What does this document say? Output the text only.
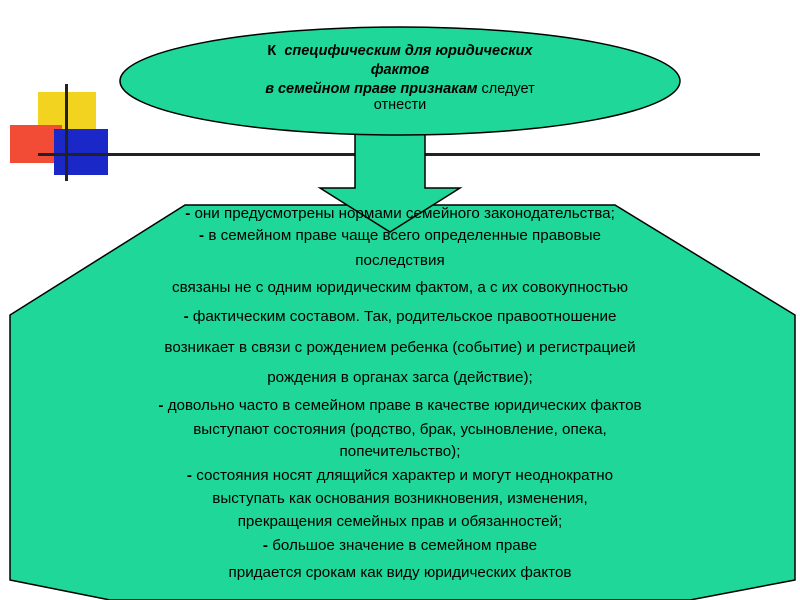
К специфическим для юридических
фактов
в семейном праве признакам следует
отнести
- они предусмотрены нормами семейного законодательства;
- в семейном праве чаще всего определенные правовые
последствия
связаны не с одним юридическим фактом, а с их совокупностью
- фактическим составом. Так, родительское правоотношение
возникает в связи с рождением ребенка (событие) и регистрацией
рождения в органах загса (действие);
- довольно часто в семейном праве в качестве юридических фактов
выступают состояния (родство, брак, усыновление, опека,
попечительство);
- состояния носят длящийся характер и могут неоднократно
выступать как основания возникновения, изменения,
прекращения семейных прав и обязанностей;
- большое значение в семейном праве
придается срокам как виду юридических фактов
